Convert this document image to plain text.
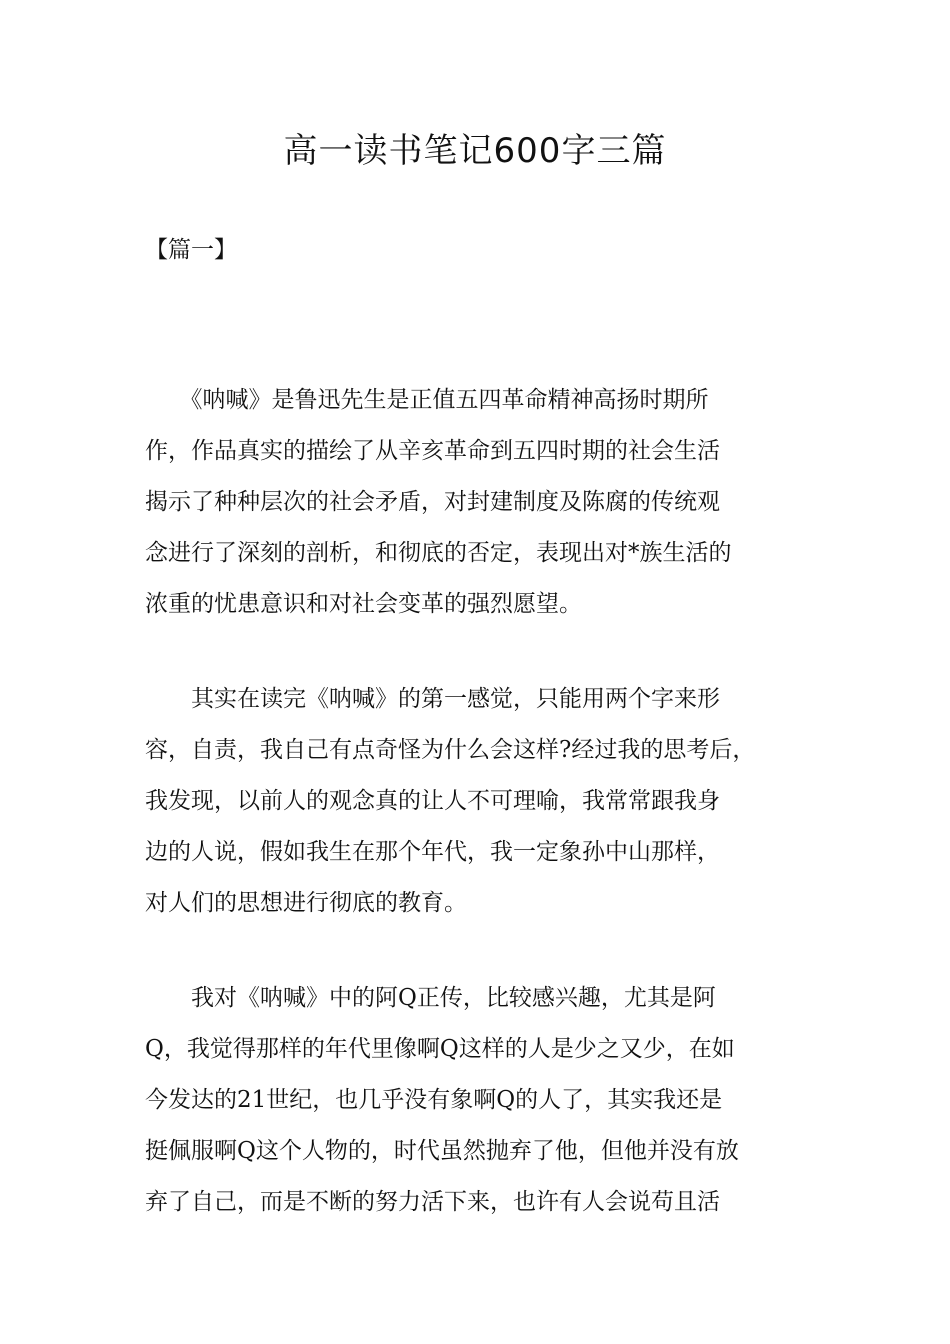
高一读书笔记600字三篇
【篇一】
　　《呐喊》是鲁迅先生是正值五四革命精神高扬时期所
作，作品真实的描绘了从辛亥革命到五四时期的社会生活
揭示了种种层次的社会矛盾，对封建制度及陈腐的传统观
念进行了深刻的剖析，和彻底的否定，表现出对*族生活的
浓重的忧患意识和对社会变革的强烈愿望。
　　其实在读完《呐喊》的第一感觉，只能用两个字来形
容，自责，我自己有点奇怪为什么会这样?经过我的思考后，
我发现，以前人的观念真的让人不可理喻，我常常跟我身
边的人说，假如我生在那个年代，我一定象孙中山那样，
对人们的思想进行彻底的教育。
　　我对《呐喊》中的阿Q正传，比较感兴趣，尤其是阿
Q，我觉得那样的年代里像啊Q这样的人是少之又少，在如
今发达的21世纪，也几乎没有象啊Q的人了，其实我还是
挺佩服啊Q这个人物的，时代虽然抛弃了他，但他并没有放
弃了自己，而是不断的努力活下来，也许有人会说苟且活
